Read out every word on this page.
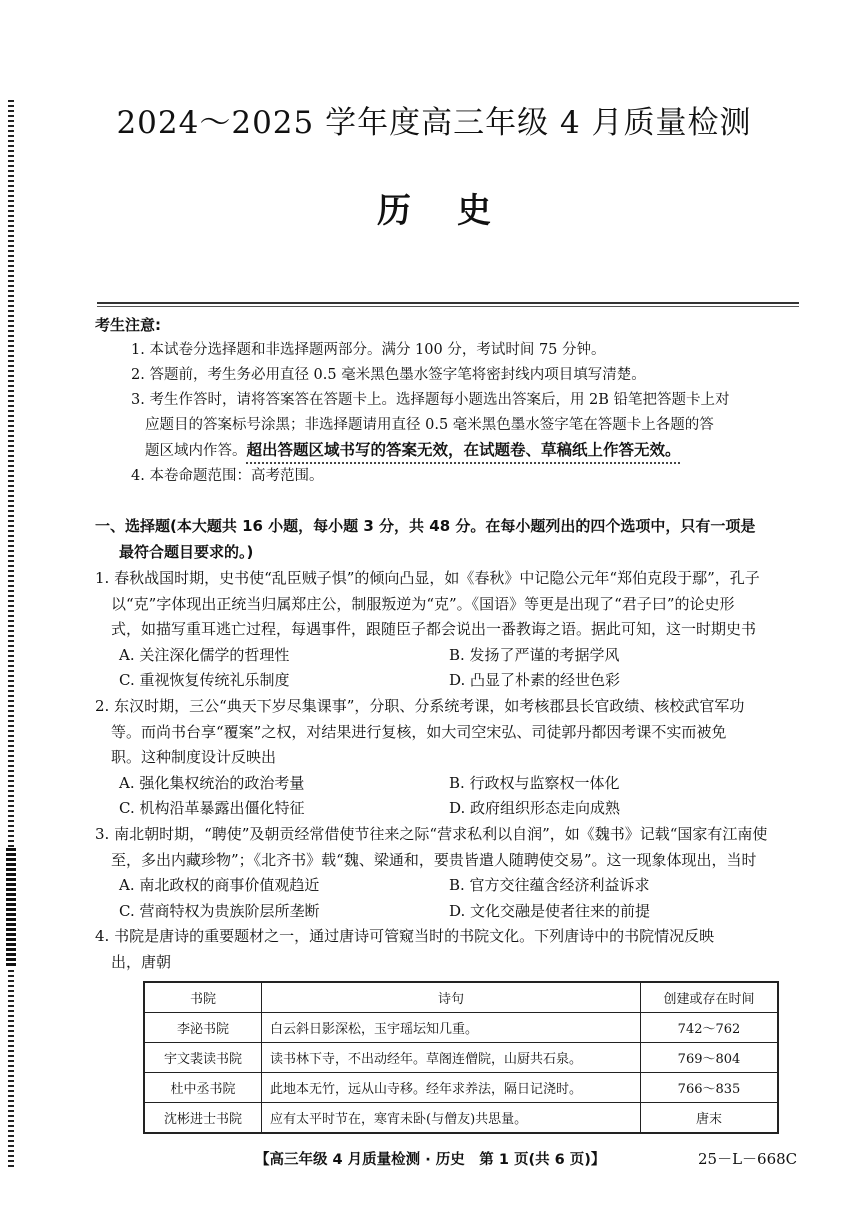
2024～2025 学年度高三年级 4 月质量检测
历史
考生注意:
1. 本试卷分选择题和非选择题两部分。满分 100 分，考试时间 75 分钟。
2. 答题前，考生务必用直径 0.5 毫米黑色墨水签字笔将密封线内项目填写清楚。
3. 考生作答时，请将答案答在答题卡上。选择题每小题选出答案后，用 2B 铅笔把答题卡上对
应题目的答案标号涂黑；非选择题请用直径 0.5 毫米黑色墨水签字笔在答题卡上各题的答
题区域内作答。超出答题区域书写的答案无效，在试题卷、草稿纸上作答无效。
4. 本卷命题范围：高考范围。
一、选择题(本大题共 16 小题，每小题 3 分，共 48 分。在每小题列出的四个选项中，只有一项是
最符合题目要求的。)
1. 春秋战国时期，史书使“乱臣贼子惧”的倾向凸显，如《春秋》中记隐公元年“郑伯克段于鄢”，孔子
以“克”字体现出正统当归属郑庄公，制服叛逆为“克”。《国语》等更是出现了“君子曰”的论史形
式，如描写重耳逃亡过程，每遇事件，跟随臣子都会说出一番教诲之语。据此可知，这一时期史书
A. 关注深化儒学的哲理性	B. 发扬了严谨的考据学风
C. 重视恢复传统礼乐制度	D. 凸显了朴素的经世色彩
2. 东汉时期，三公“典天下岁尽集课事”，分职、分系统考课，如考核郡县长官政绩、核校武官军功
等。而尚书台享“覆案”之权，对结果进行复核，如大司空宋弘、司徒郭丹都因考课不实而被免
职。这种制度设计反映出
A. 强化集权统治的政治考量	B. 行政权与监察权一体化
C. 机构沿革暴露出僵化特征	D. 政府组织形态走向成熟
3. 南北朝时期，“聘使”及朝贡经常借使节往来之际“营求私利以自润”，如《魏书》记载“国家有江南使
至，多出内藏珍物”；《北齐书》载“魏、梁通和，要贵皆遣人随聘使交易”。这一现象体现出，当时
A. 南北政权的商事价值观趋近	B. 官方交往蕴含经济利益诉求
C. 营商特权为贵族阶层所垄断	D. 文化交融是使者往来的前提
4. 书院是唐诗的重要题材之一，通过唐诗可管窥当时的书院文化。下列唐诗中的书院情况反映
出，唐朝
书院	诗句	创建或存在时间
李泌书院	白云斜日影深松，玉宇瑶坛知几重。	742～762
宇文裴读书院	读书林下寺，不出动经年。草阁连僧院，山厨共石泉。	769～804
杜中丞书院	此地本无竹，远从山寺移。经年求养法，隔日记浇时。	766～835
沈彬进士书院	应有太平时节在，寒宵未卧(与僧友)共思量。	唐末
【高三年级 4 月质量检测 · 历史　第 1 页(共 6 页)】	25－L－668C
